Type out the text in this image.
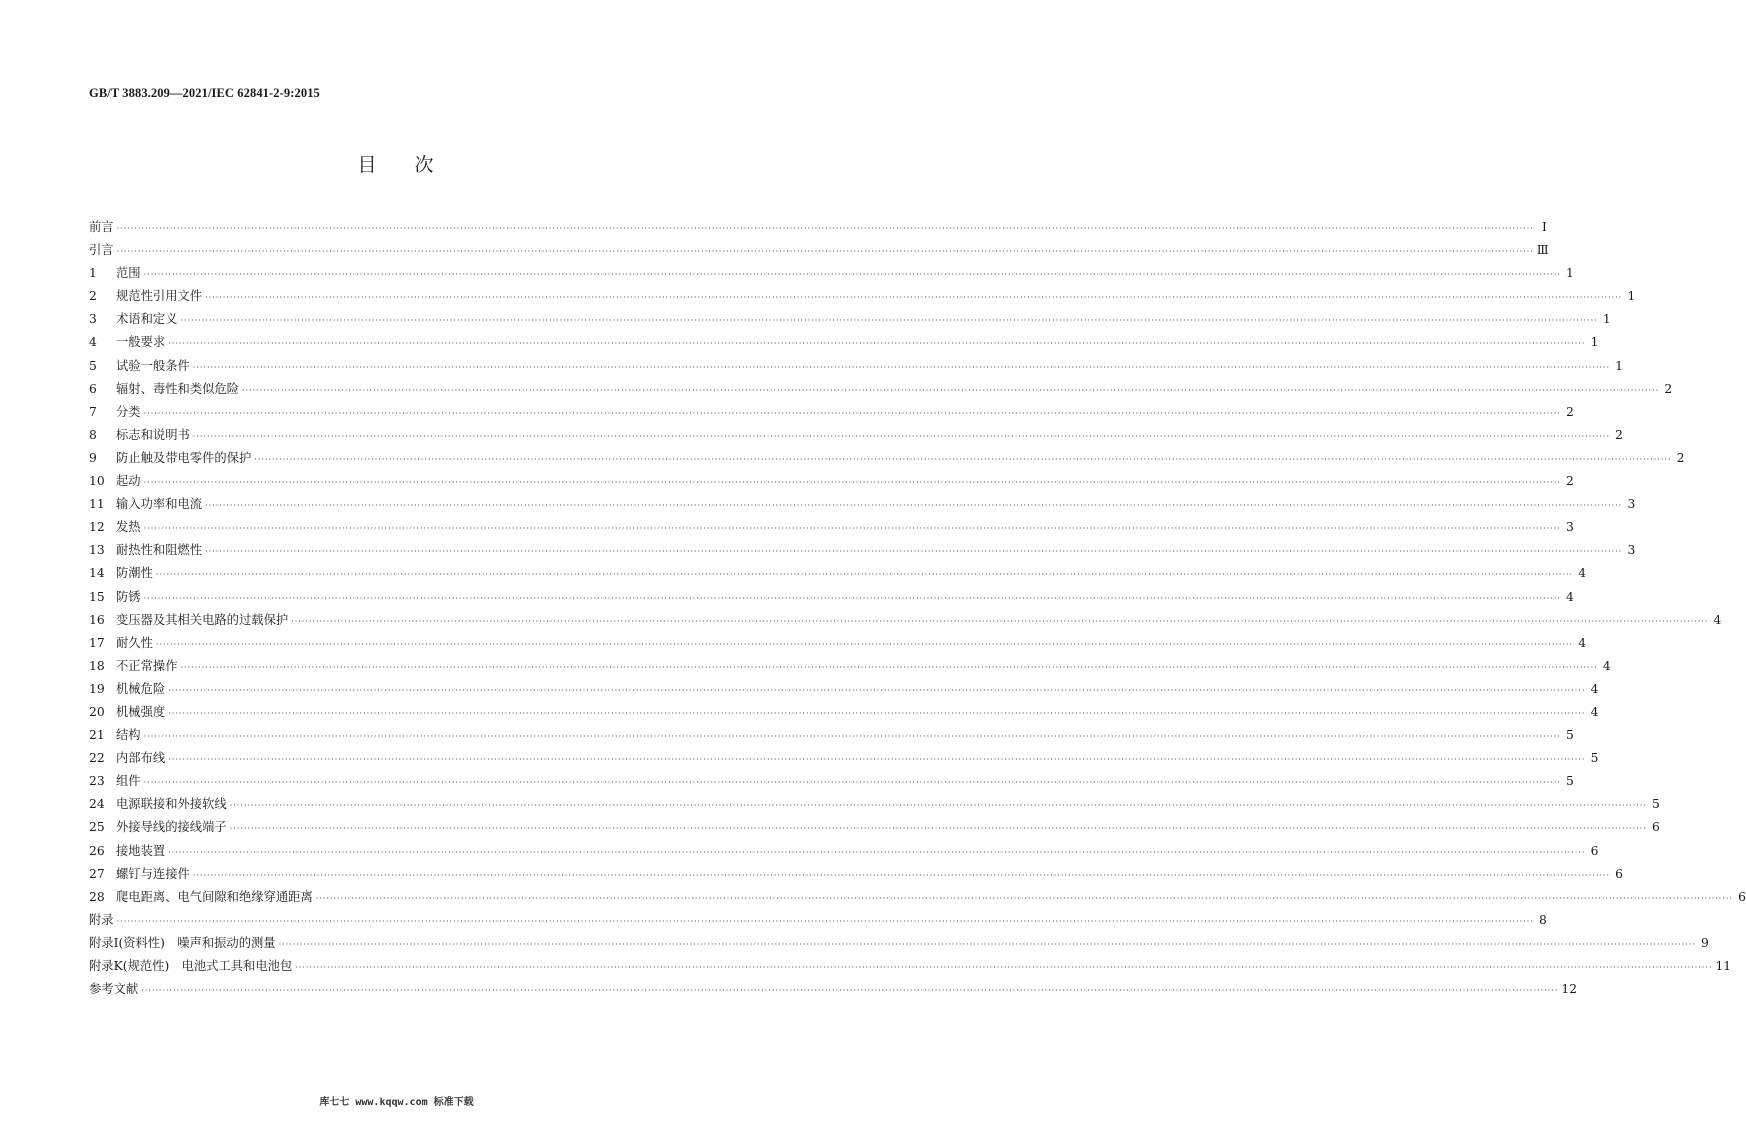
GB/T 3883.209—2021/IEC 62841-2-9:2015
目 次
前言 ················································································································································································································································································································································································································ Ⅰ
引言 ················································································································································································································································································································································································································ Ⅲ
1	范围 ················································································································································································································································································································································································································ 1
2	规范性引用文件 ················································································································································································································································································································································································································ 1
3	术语和定义 ················································································································································································································································································································································································································ 1
4	一般要求 ················································································································································································································································································································································································································ 1
5	试验一般条件 ················································································································································································································································································································································································································ 1
6	辐射、毒性和类似危险 ················································································································································································································································································································································································································ 2
7	分类 ················································································································································································································································································································································································································ 2
8	标志和说明书 ················································································································································································································································································································································································································ 2
9	防止触及带电零件的保护 ················································································································································································································································································································································································································ 2
10 起动 ················································································································································································································································································································································································································ 2
11 输入功率和电流 ················································································································································································································································································································································································································ 3
12 发热 ················································································································································································································································································································································································································ 3
13 耐热性和阻燃性 ················································································································································································································································································································································································································ 3
14 防潮性 ················································································································································································································································································································································································································ 4
15 防锈 ················································································································································································································································································································································································································ 4
16 变压器及其相关电路的过载保护 ················································································································································································································································································································································································································ 4
17 耐久性 ················································································································································································································································································································································································································ 4
18 不正常操作 ················································································································································································································································································································································································································ 4
19 机械危险 ················································································································································································································································································································································································································ 4
20 机械强度 ················································································································································································································································································································································································································ 4
21 结构 ················································································································································································································································································································································································································ 5
22 内部布线 ················································································································································································································································································································································································································ 5
23 组件 ················································································································································································································································································································································································································ 5
24 电源联接和外接软线 ················································································································································································································································································································································································································ 5
25 外接导线的接线端子 ················································································································································································································································································································································································································ 6
26 接地装置 ················································································································································································································································································································································································································ 6
27 螺钉与连接件 ················································································································································································································································································································································································································ 6
28 爬电距离、电气间隙和绝缘穿通距离 ················································································································································································································································································································································································································ 6
附录 ················································································································································································································································································································································································································ 8
附录Ⅰ(资料性)　噪声和振动的测量 ················································································································································································································································································································································································································ 9
附录K(规范性)　电池式工具和电池包 ················································································································································································································································································································································································································ 11
参考文献 ················································································································································································································································································································································································································ 12
库七七 www.kqqw.com 标准下载
